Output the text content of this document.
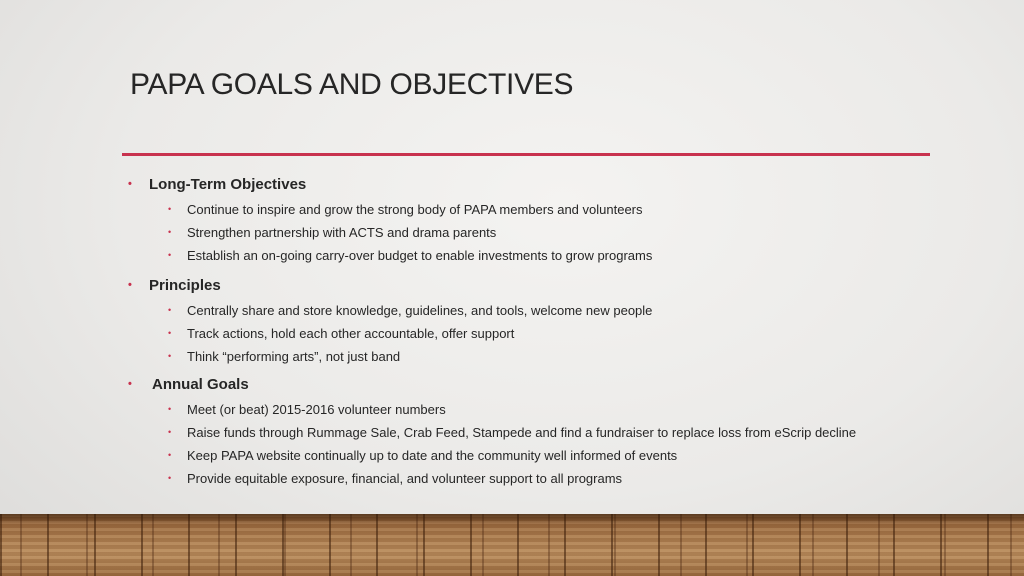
PAPA GOALS AND OBJECTIVES
• Long-Term Objectives
• Continue to inspire and grow the strong body of PAPA members and volunteers
• Strengthen partnership with ACTS and drama parents
• Establish an on-going carry-over budget to enable investments to grow programs
• Principles
• Centrally share and store knowledge, guidelines, and tools, welcome new people
• Track actions, hold each other accountable, offer support
• Think “performing arts”, not just band
• Annual Goals
• Meet (or beat) 2015-2016 volunteer numbers
• Raise funds through Rummage Sale, Crab Feed, Stampede and find a fundraiser to replace loss from eScrip decline
• Keep PAPA website continually up to date and the community well informed of events
• Provide equitable exposure, financial, and volunteer support to all programs
